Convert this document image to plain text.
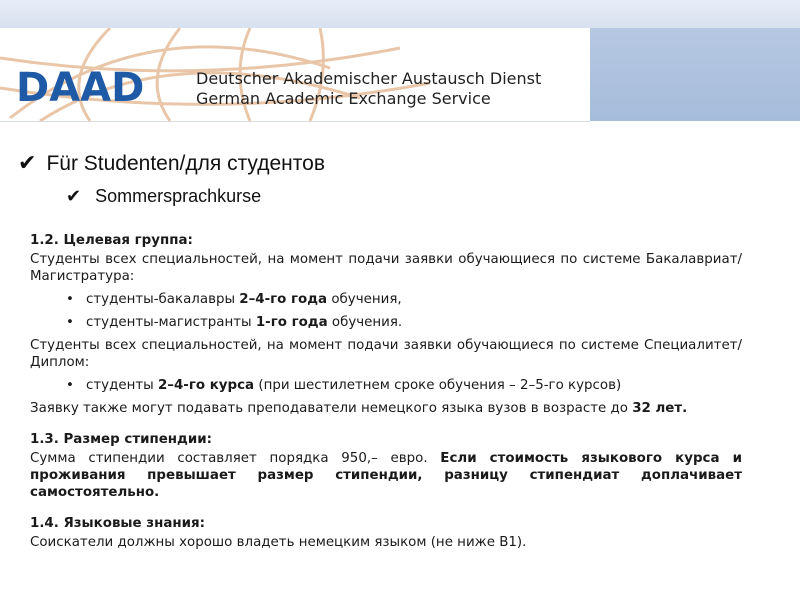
DAAD	Deutscher Akademischer Austausch Dienst
German Academic Exchange Service
✔ Für Studenten/для студентов
✔ Sommersprachkurse

1.2. Целевая группа:

Студенты всех специальностей, на момент подачи заявки обучающиеся по системе Бакалавриат/Магистратура:

• студенты-бакалавры 2–4-го года обучения,
• студенты-магистранты 1-го года обучения.

Студенты всех специальностей, на момент подачи заявки обучающиеся по системе Специалитет/Диплом:

• студенты 2–4-го курса (при шестилетнем сроке обучения – 2–5-го курсов)

Заявку также могут подавать преподаватели немецкого языка вузов в возрасте до 32 лет.

1.3. Размер стипендии:

Сумма стипендии составляет порядка 950,– евро. Если стоимость языкового курса и проживания превышает размер стипендии, разницу стипендиат доплачивает самостоятельно.

1.4. Языковые знания:

Соискатели должны хорошо владеть немецким языком (не ниже B1).
